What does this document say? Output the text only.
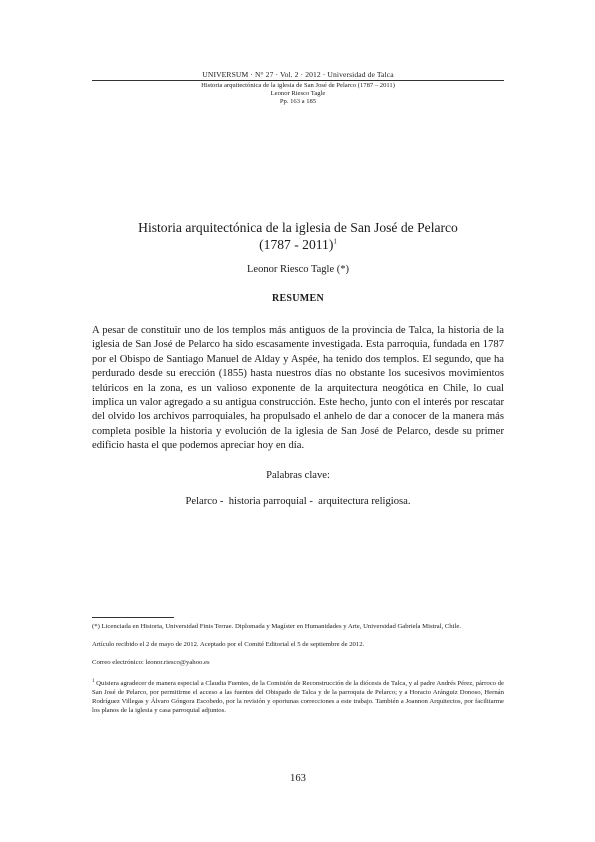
UNIVERSUM · N° 27 · Vol. 2 · 2012 · Universidad de Talca
Historia arquitectónica de la iglesia de San José de Pelarco (1787 – 2011)
Leonor Riesco Tagle
Pp. 163 a 185
Historia arquitectónica de la iglesia de San José de Pelarco
(1787 - 2011)$^1$
Leonor Riesco Tagle (*)
RESUMEN
A pesar de constituir uno de los templos más antiguos de la provincia de Talca, la historia de la iglesia de San José de Pelarco ha sido escasamente investigada. Esta parroquia, fundada en 1787 por el Obispo de Santiago Manuel de Alday y Aspée, ha tenido dos templos. El segundo, que ha perdurado desde su erección (1855) hasta nuestros días no obstante los sucesivos movimientos telúricos en la zona, es un valioso exponente de la arquitectura neogótica en Chile, lo cual implica un valor agregado a su antigua construcción. Este hecho, junto con el interés por rescatar del olvido los archivos parroquiales, ha propulsado el anhelo de dar a conocer de la manera más completa posible la historia y evolución de la iglesia de San José de Pelarco, desde su primer edificio hasta el que podemos apreciar hoy en día.
Palabras clave:
Pelarco -  historia parroquial -  arquitectura religiosa.

(*) Licenciada en Historia, Universidad Finis Terrae. Diplomada y Magíster en Humanidades y Arte, Universidad Gabriela Mistral, Chile.

Artículo recibido el 2 de mayo de 2012. Aceptado por el Comité Editorial el 5 de septiembre de 2012.

Correo electrónico: leonor.riesco@yahoo.es

$^1$ Quisiera agradecer de manera especial a Claudia Fuentes, de la Comisión de Reconstrucción de la diócesis de Talca, y al padre Andrés Pérez, párroco de San José de Pelarco, por permitirme el acceso a las fuentes del Obispado de Talca y de la parroquia de Pelarco; y a Horacio Aránguiz Donoso, Hernán Rodríguez Villegas y Álvaro Góngora Escobedo, por la revisión y oportunas correcciones a este trabajo. También a Joannon Arquitectos, por facilitarme los planos de la iglesia y casa parroquial adjuntos.

163
